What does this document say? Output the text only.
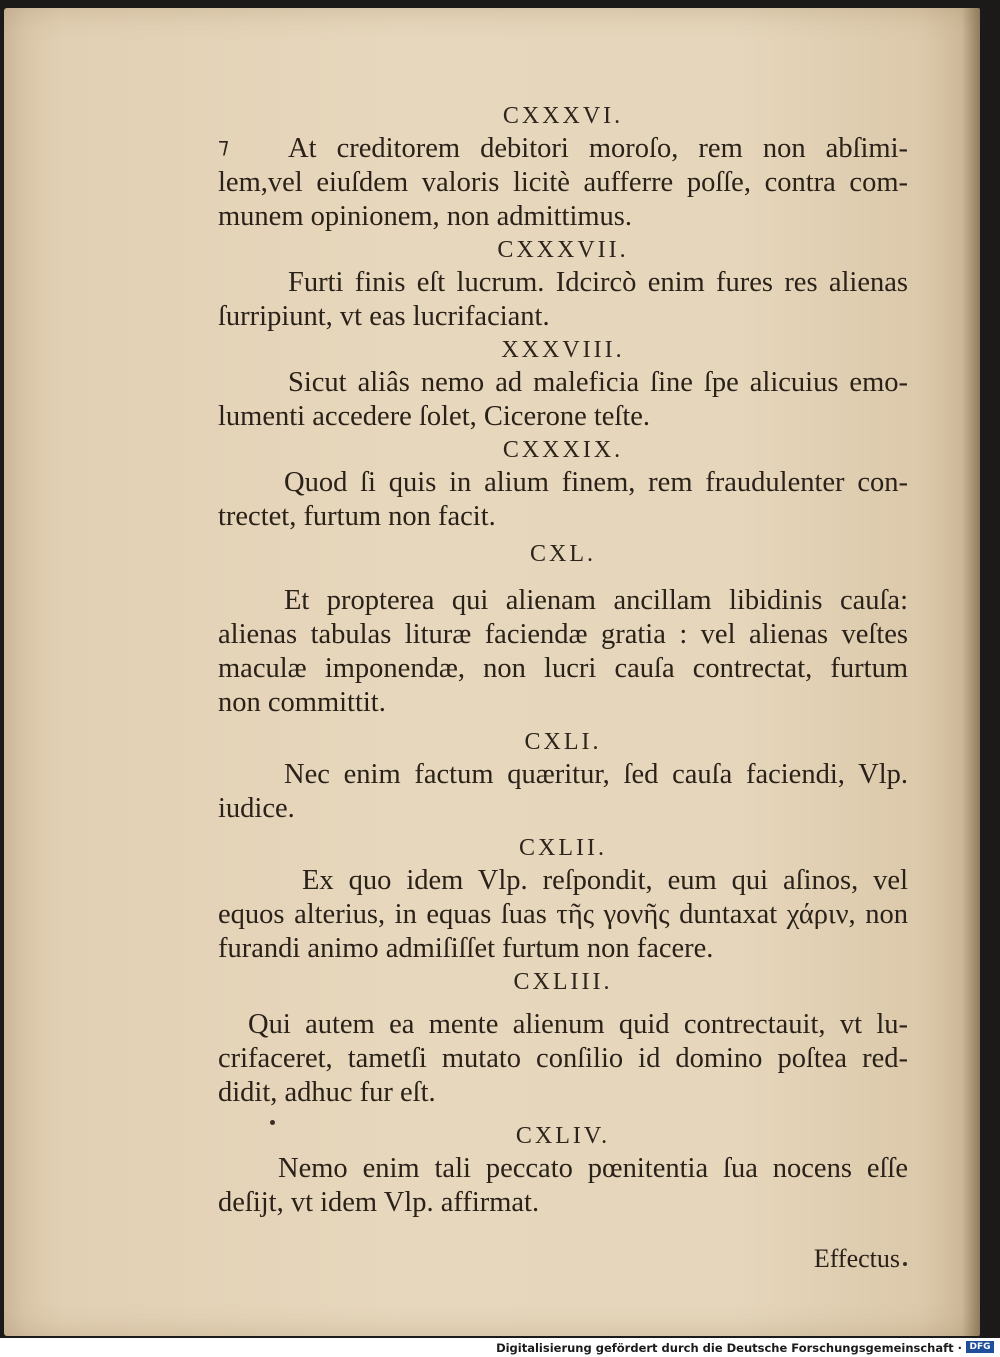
⁊
CXXXVI.

At creditorem debitori moroſo, rem non abſimi-
lem,vel eiuſdem valoris licitè aufferre poſſe, contra com-
munem opinionem, non admittimus.

CXXXVII.

Furti finis eſt lucrum. Idcircò enim fures res alienas
ſurripiunt, vt eas lucrifaciant.

XXXVIII.

Sicut aliâs nemo ad maleficia ſine ſpe alicuius emo-
lumenti accedere ſolet, Cicerone teſte.

CXXXIX.

Quod ſi quis in alium finem, rem fraudulenter con-
trectet, furtum non facit.

CXL.

Et propterea qui alienam ancillam libidinis cauſa:
alienas tabulas lituræ faciendæ gratia : vel alienas veſtes
maculæ imponendæ, non lucri cauſa contrectat, furtum
non committit.

CXLI.

Nec enim factum quæritur, ſed cauſa faciendi, Vlp.
iudice.

CXLII.

Ex quo idem Vlp. reſpondit, eum qui aſinos, vel
equos alterius, in equas ſuas τῆς γονῆς duntaxat χάριν, non
furandi animo admiſiſſet furtum non facere.

CXLIII.

Qui autem ea mente alienum quid contrectauit, vt lu-
crifaceret, tametſi mutato conſilio id domino poſtea red-
didit, adhuc fur eſt.

CXLIV.

Nemo enim tali peccato pœnitentia ſua nocens eſſe
deſijt, vt idem Vlp. affirmat.

Effectus
Digitalisierung gefördert durch die Deutsche Forschungsgemeinschaft · DFG
